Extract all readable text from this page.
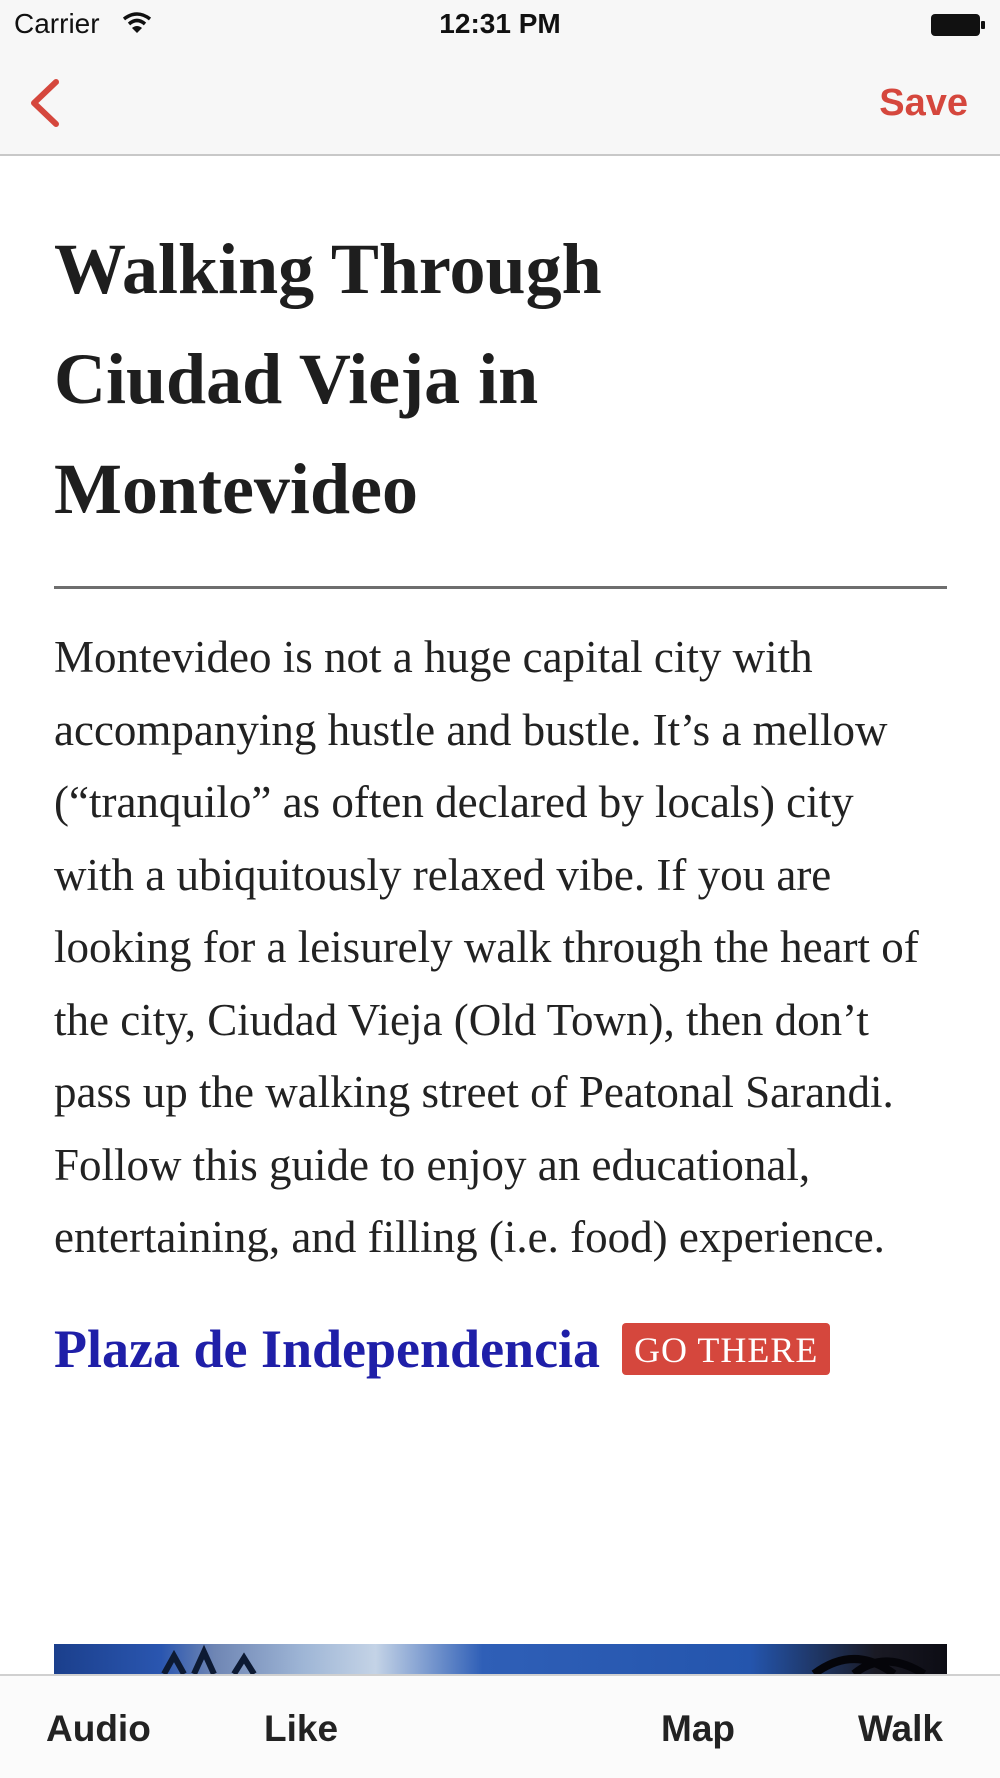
Carrier	12:31 PM
Save
Walking Through Ciudad Vieja in Montevideo

Montevideo is not a huge capital city with accompanying hustle and bustle. It’s a mellow (“tranquilo” as often declared by locals) city with a ubiquitously relaxed vibe. If you are looking for a leisurely walk through the heart of the city, Ciudad Vieja (Old Town), then don’t pass up the walking street of Peatonal Sarandi. Follow this guide to enjoy an educational, entertaining, and filling (i.e. food) experience.

Plaza de Independencia GO THERE
Audio	Like	Map	Walk
